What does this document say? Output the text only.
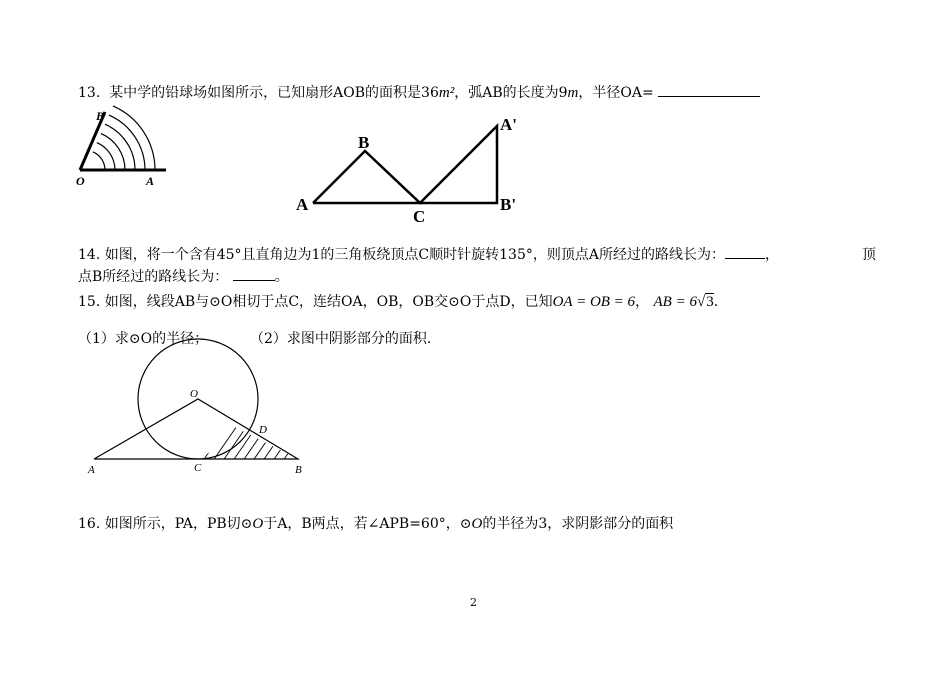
13. 某中学的铅球场如图所示，已知扇形AOB的面积是36m²，弧AB的长度为9m，半径OA=
B
O	A
B
A
C
A'
B'
14. 如图，将一个含有45°且直角边为1的三角板绕顶点C顺时针旋转135°，则顶点A所经过的路线长为：	，	顶
点B所经过的路线长为：	。
15. 如图，线段AB与⊙O相切于点C，连结OA，OB，OB交⊙O于点D，已知OA = OB = 6， AB = 6√3.
（1）求⊙O的半径；	（2）求图中阴影部分的面积.
O
D
A	C	B
16. 如图所示，PA，PB切⊙O于A，B两点，若∠APB=60°，⊙O的半径为3，求阴影部分的面积
2
